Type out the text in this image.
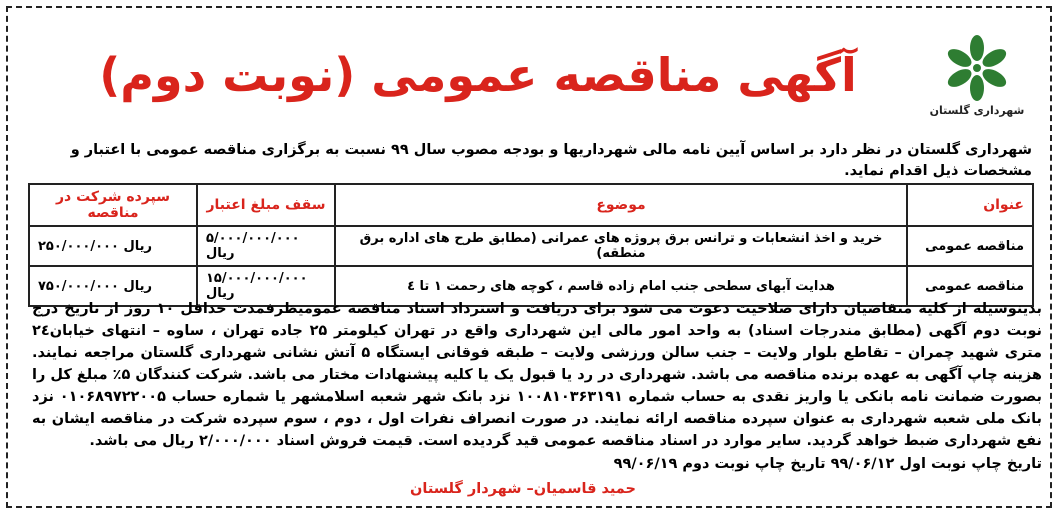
شهرداری گلستان
آگهی مناقصه عمومی (نوبت دوم)
شهرداری گلستان در نظر دارد بر اساس آیین نامه مالی شهرداریها و بودجه مصوب سال ۹۹ نسبت به برگزاری مناقصه عمومی با اعتبار و مشخصات ذیل اقدام نماید.
عنوان	موضوع	سقف مبلغ اعتبار	سپرده شرکت در مناقصه
مناقصه عمومی	خرید و اخذ انشعابات و ترانس برق پروژه های عمرانی (مطابق طرح های اداره برق منطقه)	۵/۰۰۰/۰۰۰/۰۰۰ ریال	۲۵۰/۰۰۰/۰۰۰ ریال
مناقصه عمومی	هدایت آبهای سطحی جنب امام زاده قاسم ، کوچه های رحمت ۱ تا ٤	۱۵/۰۰۰/۰۰۰/۰۰۰ ریال	۷۵۰/۰۰۰/۰۰۰ ریال
بدینوسیله از کلیه متقاضیان دارای صلاحیت دعوت می شود برای دریافت و استرداد اسناد مناقصه عمومیظرفمدت حداقل ۱۰ روز از تاریخ درج نوبت دوم آگهی (مطابق مندرجات اسناد) به واحد امور مالی این شهرداری واقع در تهران کیلومتر ۲۵ جاده تهران ، ساوه – انتهای خیابان۲٤ متری شهید چمران – تقاطع بلوار ولایت – جنب سالن ورزشی ولایت – طبقه فوقانی ایستگاه ۵ آتش نشانی شهرداری گلستان مراجعه نمایند. هزینه چاپ آگهی به عهده برنده مناقصه می باشد. شهرداری در رد یا قبول یک یا کلیه پیشنهادات مختار می باشد. شرکت کنندگان ۵٪ مبلغ کل را بصورت ضمانت نامه بانکی یا واریز نقدی به حساب شماره ۱۰۰۸۱۰۳۶۳۱۹۱ نزد بانک شهر شعبه اسلامشهر یا شماره حساب ۰۱۰۶۸۹۷۲۲۰۰۵ نزد بانک ملی شعبه شهرداری به عنوان سپرده مناقصه ارائه نمایند. در صورت انصراف نفرات اول ، دوم ، سوم سپرده شرکت در مناقصه ایشان به نفع شهرداری ضبط خواهد گردید. سایر موارد در اسناد مناقصه عمومی قید گردیده است. قیمت فروش اسناد ۲/۰۰۰/۰۰۰ ریال می باشد.
تاریخ چاپ نوبت اول ۹۹/۰۶/۱۲ تاریخ چاپ نوبت دوم ۹۹/۰۶/۱۹
حمید قاسمیان– شهردار گلستان
